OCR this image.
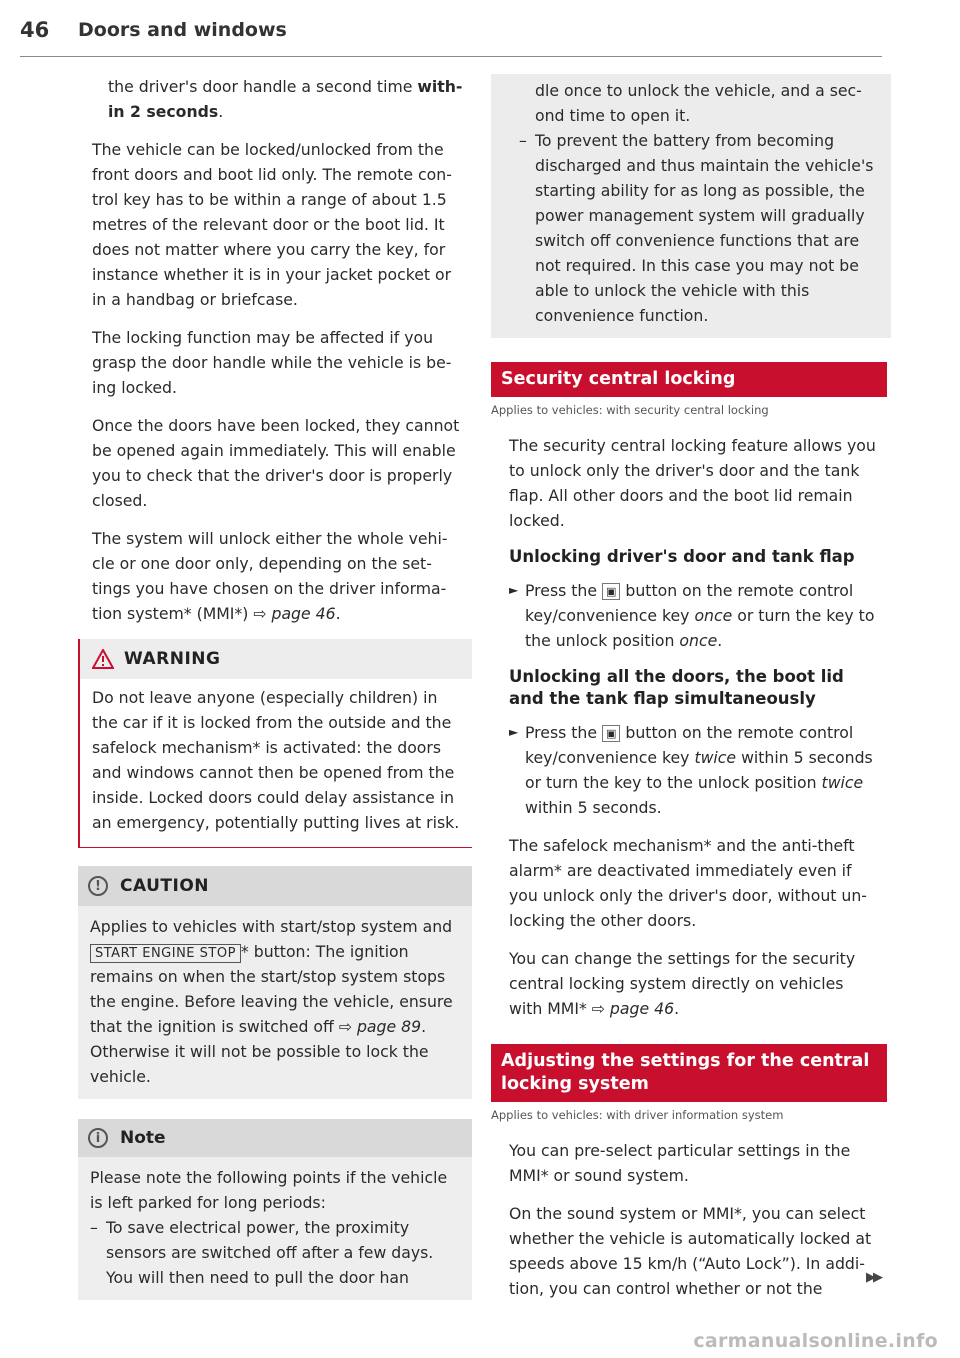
46 Doors and windows

the driver's door handle a second time within 2 seconds.

The vehicle can be locked/unlocked from the front doors and boot lid only. The remote control key has to be within a range of about 1.5 metres of the relevant door or the boot lid. It does not matter where you carry the key, for instance whether it is in your jacket pocket or in a handbag or briefcase.

The locking function may be affected if you grasp the door handle while the vehicle is being locked.

Once the doors have been locked, they cannot be opened again immediately. This will enable you to check that the driver's door is properly closed.

The system will unlock either the whole vehicle or one door only, depending on the settings you have chosen on the driver information system* (MMI*) ⇨ page 46.

WARNING

Do not leave anyone (especially children) in the car if it is locked from the outside and the safelock mechanism* is activated: the doors and windows cannot then be opened from the inside. Locked doors could delay assistance in an emergency, potentially putting lives at risk.

!	CAUTION

Applies to vehicles with start/stop system and START ENGINE STOP * button: The ignition remains on when the start/stop system stops the engine. Before leaving the vehicle, ensure that the ignition is switched off ⇨ page 89. Otherwise it will not be possible to lock the vehicle.

i	Note

Please note the following points if the vehicle is left parked for long periods:

– To save electrical power, the proximity sensors are switched off after a few days. You will then need to pull the door han

dle once to unlock the vehicle, and a second time to open it.

– To prevent the battery from becoming discharged and thus maintain the vehicle's starting ability for as long as possible, the power management system will gradually switch off convenience functions that are not required. In this case you may not be able to unlock the vehicle with this convenience function.
Security central locking
Applies to vehicles: with security central locking

The security central locking feature allows you to unlock only the driver's door and the tank flap. All other doors and the boot lid remain locked.

Unlocking driver's door and tank flap
► Press the ▣ button on the remote control key/convenience key once or turn the key to the unlock position once.
Unlocking all the doors, the boot lid and the tank flap simultaneously
► Press the ▣ button on the remote control key/convenience key twice within 5 seconds or turn the key to the unlock position twice within 5 seconds.

The safelock mechanism* and the anti-theft alarm* are deactivated immediately even if you unlock only the driver's door, without unlocking the other doors.

You can change the settings for the security central locking system directly on vehicles with MMI* ⇨ page 46.

Adjusting the settings for the central locking system
Applies to vehicles: with driver information system

You can pre-select particular settings in the MMI* or sound system.

On the sound system or MMI*, you can select whether the vehicle is automatically locked at speeds above 15 km/h (“Auto Lock”). In addition, you can control whether or not the

▶▶
carmanualsonline.info
